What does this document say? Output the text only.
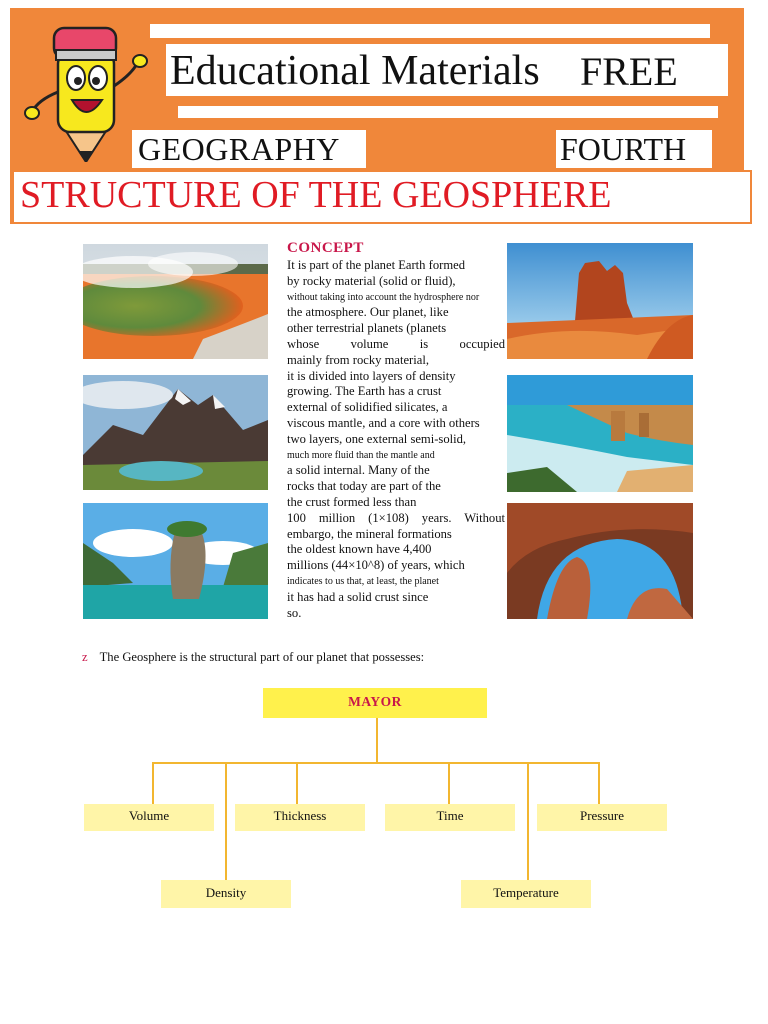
Educational Materials	FREE
GEOGRAPHY	FOURTH
STRUCTURE OF THE GEOSPHERE
CONCEPT
It is part of the planet Earth formed
by rocky material (solid or fluid),
without taking into account the hydrosphere nor
the atmosphere. Our planet, like
other terrestrial planets (planets
whose volume is occupied
mainly from rocky material,
it is divided into layers of density
growing. The Earth has a crust
external of solidified silicates, a
viscous mantle, and a core with others
two layers, one external semi-solid,
much more fluid than the mantle and
a solid internal. Many of the
rocks that today are part of the
the crust formed less than
100 million (1×108) years. Without
embargo, the mineral formations
the oldest known have 4,400
millions (44×10^8) of years, which
indicates to us that, at least, the planet
it has had a solid crust since
so.
z The Geosphere is the structural part of our planet that possesses:
MAYOR
Volume	Thickness	Time	Pressure
Density	Temperature
